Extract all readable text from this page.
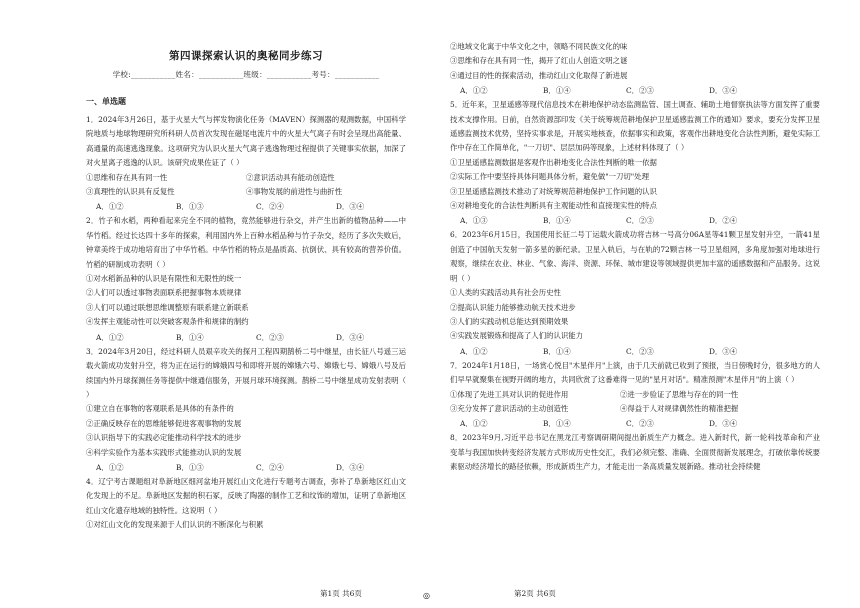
第四课探索认识的奥秘同步练习
学校:___________姓名：___________班级：___________考号：___________
一、单选题

1．2024年3月26日，基于火星大气与挥发物演化任务（MAVEN）探测器的观测数据，中国科学院地质与地球物理研究所科研人员首次发现在磁尾电流片中的火星大气离子有时会呈现出高能量、高通量的高速逃逸现象。这项研究为认识火星大气离子逃逸物理过程提供了关键事实依据，加深了对火星离子逃逸的认识。该研究成果佐证了（ ）

①思维和存在具有同一性	②意识活动具有能动创造性
③真理性的认识具有反复性	④事物发展的前进性与曲折性
A．①②	B．①③	C．②④	D．③④

2．竹子和水稻，两种看起来完全不同的植物，竟然能够进行杂交，并产生出新的植物品种——中华竹稻。经过长达四十多年的探索，利用国内外上百种水稻品种与竹子杂交，经历了多次失败后，钟章美终于成功地培育出了中华竹稻。中华竹稻的特点是晶质高、抗倒伏、具有较高的营养价值。竹稻的研制成功表明（ ）

①对水稻新品种的认识是有限性和无限性的统一

②人们可以透过事物表面联系把握事物本质规律

③人们可以通过联想思维调整原有联系建立新联系

④发挥主观能动性可以突破客观条件和规律的制约

A．①②	B．①④	C．②③	D．③④

3．2024年3月20日，经过科研人员艰辛攻关的探月工程四期鹊桥二号中继星，由长征八号遥三运载火箭成功发射升空，将为正在运行的嫦娥四号和即将开展的嫦娥六号、嫦娥七号、嫦娥八号及后续国内外月球探测任务等提供中继通信服务，开展月球环境探测。鹊桥二号中继星成功发射表明（ ）

①建立自在事物的客观联系是具体的有条件的

②正确反映存在的思维能够促进客观事物的发展

③认识指导下的实践必定能推动科学技术的进步

④科学实验作为基本实践形式能推动认识的发展

A．①②	B．①③	C．②④	D．③④

4．辽宁考古课题组对阜新地区细河盆地开展红山文化进行专题考古调查，弥补了阜新地区红山文化发现上的不足。阜新地区发掘的积石冢，反映了陶器的制作工艺和纹饰的增加，证明了阜新地区红山文化遗存地域的独特性。这说明（ ）

①对红山文化的发现来源于人们认识的不断深化与积累

②地域文化寓于中华文化之中，领略不同民族文化的味

③思维和存在具有同一性，揭开了红山人创造文明之谜

④通过目的性的探索活动，推动红山文化取得了新进展

A．①②	B．①④	C．②③	D．③④

5．近年来，卫星遥感等现代信息技术在耕地保护动态监测监管、国土调查、辅助土地督察执法等方面发挥了重要技术支撑作用。日前，自然资源部印发《关于统筹规范耕地保护卫星遥感监测工作的通知》要求，要充分发挥卫星遥感监测技术优势，坚持实事求是，开展实地核查，依据事实和政策，客观作出耕地变化合法性判断，避免实际工作中存在工作简单化，"一刀切"、层层加码等现象，上述材料体现了（ ）

①卫星遥感监测数据是客观作出耕地变化合法性判断的唯一依据

②实际工作中要坚持具体问题具体分析，避免做"一刀切"处理

③卫星遥感监测技术推动了对统筹规范耕地保护工作问题的认识

④对耕地变化的合法性判断具有主观能动性和直接现实性的特点

A．①③	B．①④	C．②③	D．②④

6．2023年6月15日，我国使用长征二号丁运载火箭成功将吉林一号高分06A星等41颗卫星发射升空，一箭41星创造了中国航天发射一箭多星的新纪录。卫星入轨后，与在轨的72颗吉林一号卫星组网，多角度加强对地球进行观察，继续在农业、林业、气象、海洋、资源、环保、城市建设等领域提供更加丰富的遥感数据和产品服务。这说明（ ）

①人类的实践活动具有社会历史性

②提高认识能力能够推动航天技术进步

③人们的实践动机总能达到预期效果

④实践发展锻炼和提高了人们的认识能力

A．①②	B．①④	C．②③	D．③④

7．2024年1月18日，一场赏心悦目"木星伴月"上演，由于几天前就已收到了预报，当日傍晚时分，很多地方的人们早早就聚集在视野开阔的地方，共同欣赏了这番难得一见的"星月对话"。精准预测"木星伴月"的上演（ ）

①体现了先进工具对认识的促进作用	②进一步验证了思维与存在的同一性
③充分发挥了意识活动的主动创造性	④得益于人对规律偶然性的精准把握
A．①②	B．①④	C．②③	D．③④

8．2023年9月,习近平总书记在黑龙江考察调研期间提出新质生产力概念。进入新时代，新一轮科技革命和产业变革与我国加快转变经济发展方式形成历史性交汇，我们必须完整、准确、全面贯彻新发展理念，打破依靠传统要素驱动经济增长的路径依赖，形成新质生产力，才能走出一条高质量发展新路。推动社会持续健

第1页 共6页	◎	第2页 共6页
